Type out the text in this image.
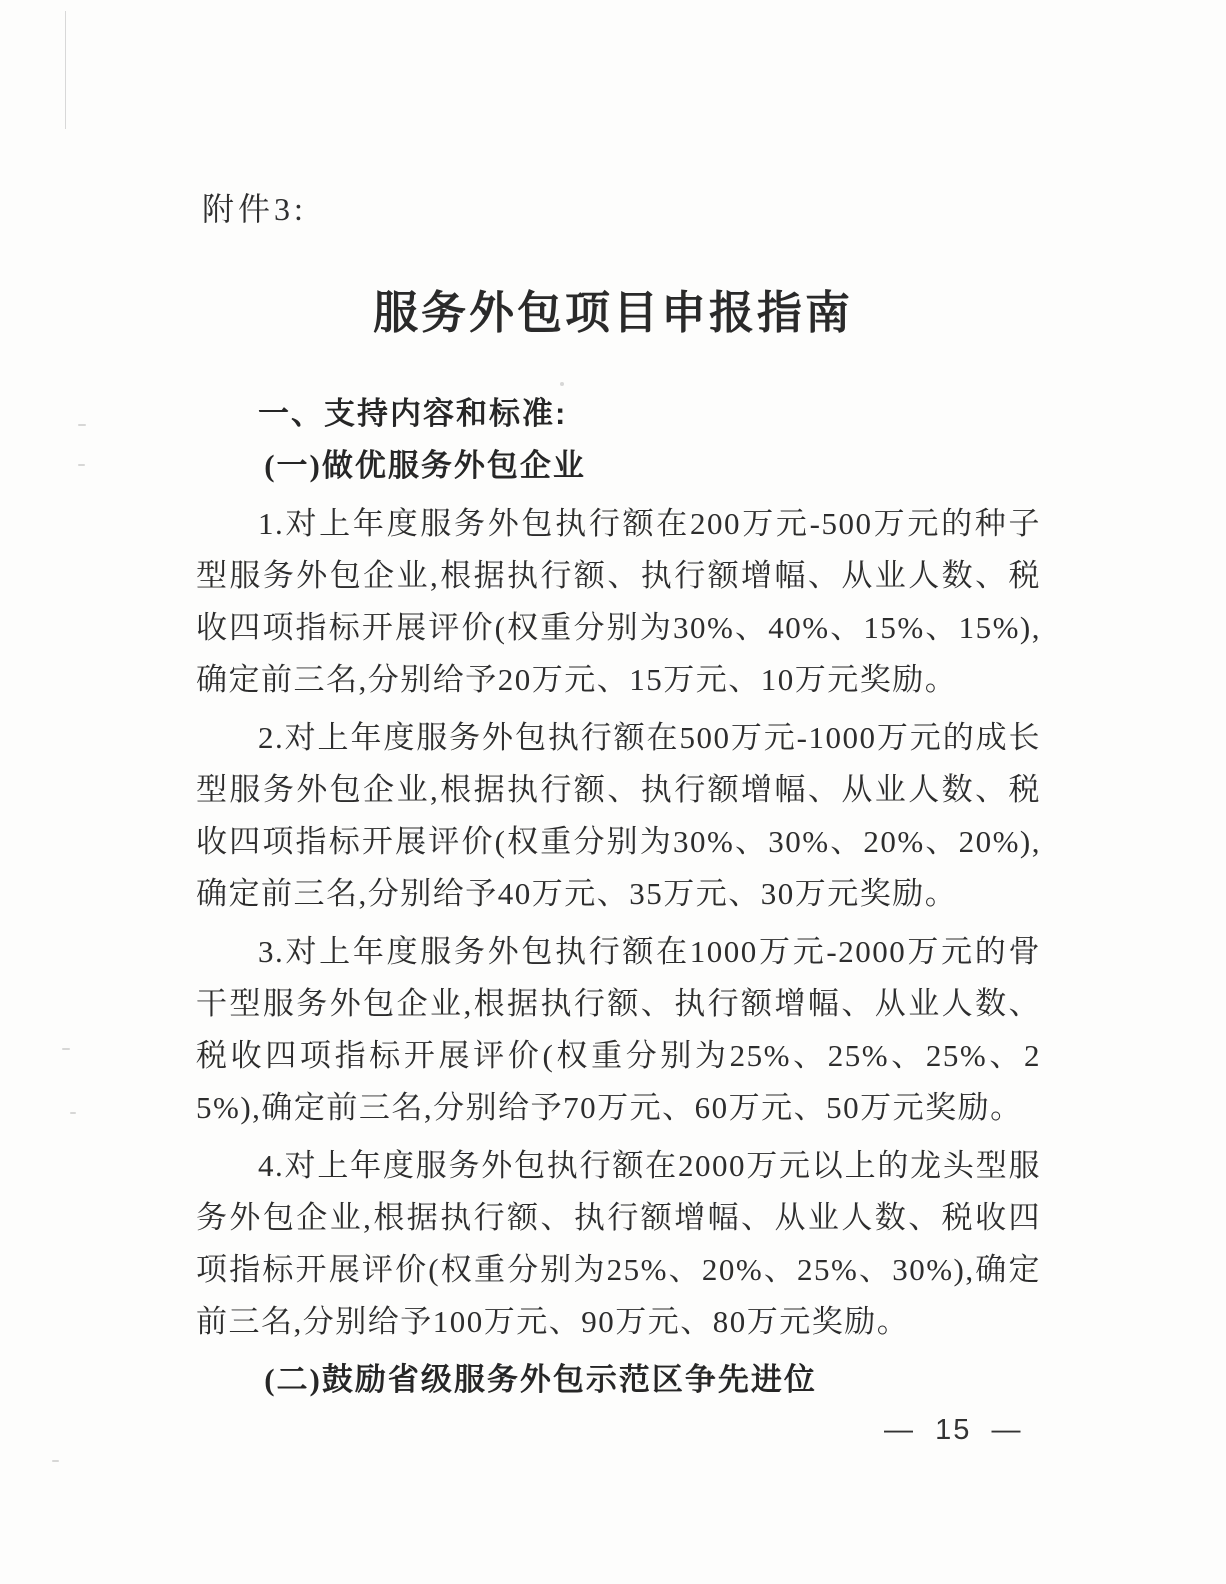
附件3:
服务外包项目申报指南
一、支持内容和标准:
(一)做优服务外包企业

1.对上年度服务外包执行额在200万元-500万元的种子型服务外包企业,根据执行额、执行额增幅、从业人数、税收四项指标开展评价(权重分别为30%、40%、15%、15%),确定前三名,分别给予20万元、15万元、10万元奖励。

2.对上年度服务外包执行额在500万元-1000万元的成长型服务外包企业,根据执行额、执行额增幅、从业人数、税收四项指标开展评价(权重分别为30%、30%、20%、20%),确定前三名,分别给予40万元、35万元、30万元奖励。

3.对上年度服务外包执行额在1000万元-2000万元的骨干型服务外包企业,根据执行额、执行额增幅、从业人数、税收四项指标开展评价(权重分别为25%、25%、25%、25%),确定前三名,分别给予70万元、60万元、50万元奖励。

4.对上年度服务外包执行额在2000万元以上的龙头型服务外包企业,根据执行额、执行额增幅、从业人数、税收四项指标开展评价(权重分别为25%、20%、25%、30%),确定前三名,分别给予100万元、90万元、80万元奖励。

(二)鼓励省级服务外包示范区争先进位
—  15  —
